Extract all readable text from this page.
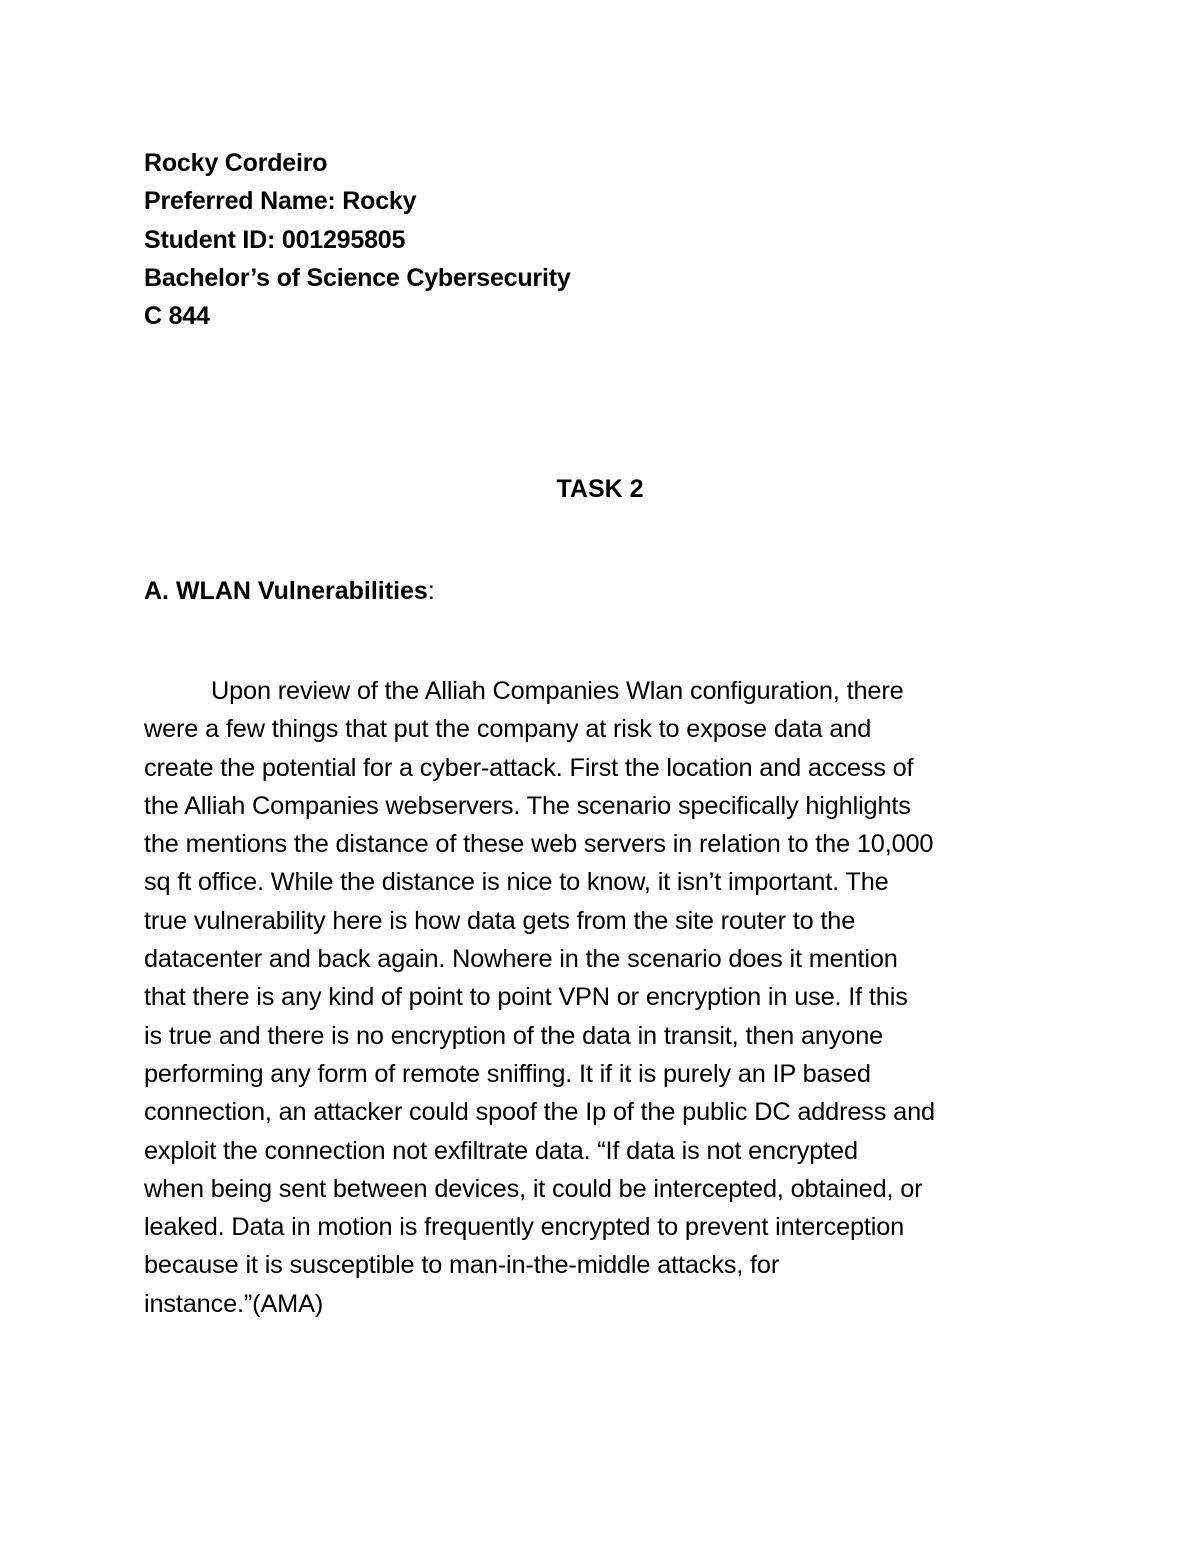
Rocky Cordeiro
Preferred Name: Rocky
Student ID: 001295805
Bachelor’s of Science Cybersecurity
C 844
TASK 2
A. WLAN Vulnerabilities:
Upon review of the Alliah Companies Wlan configuration, there
were a few things that put the company at risk to expose data and
create the potential for a cyber-attack. First the location and access of
the Alliah Companies webservers. The scenario specifically highlights
the mentions the distance of these web servers in relation to the 10,000
sq ft office. While the distance is nice to know, it isn’t important. The
true vulnerability here is how data gets from the site router to the
datacenter and back again. Nowhere in the scenario does it mention
that there is any kind of point to point VPN or encryption in use. If this
is true and there is no encryption of the data in transit, then anyone
performing any form of remote sniffing. It if it is purely an IP based
connection, an attacker could spoof the Ip of the public DC address and
exploit the connection not exfiltrate data. “If data is not encrypted
when being sent between devices, it could be intercepted, obtained, or
leaked. Data in motion is frequently encrypted to prevent interception
because it is susceptible to man-in-the-middle attacks, for
instance.”(AMA)
